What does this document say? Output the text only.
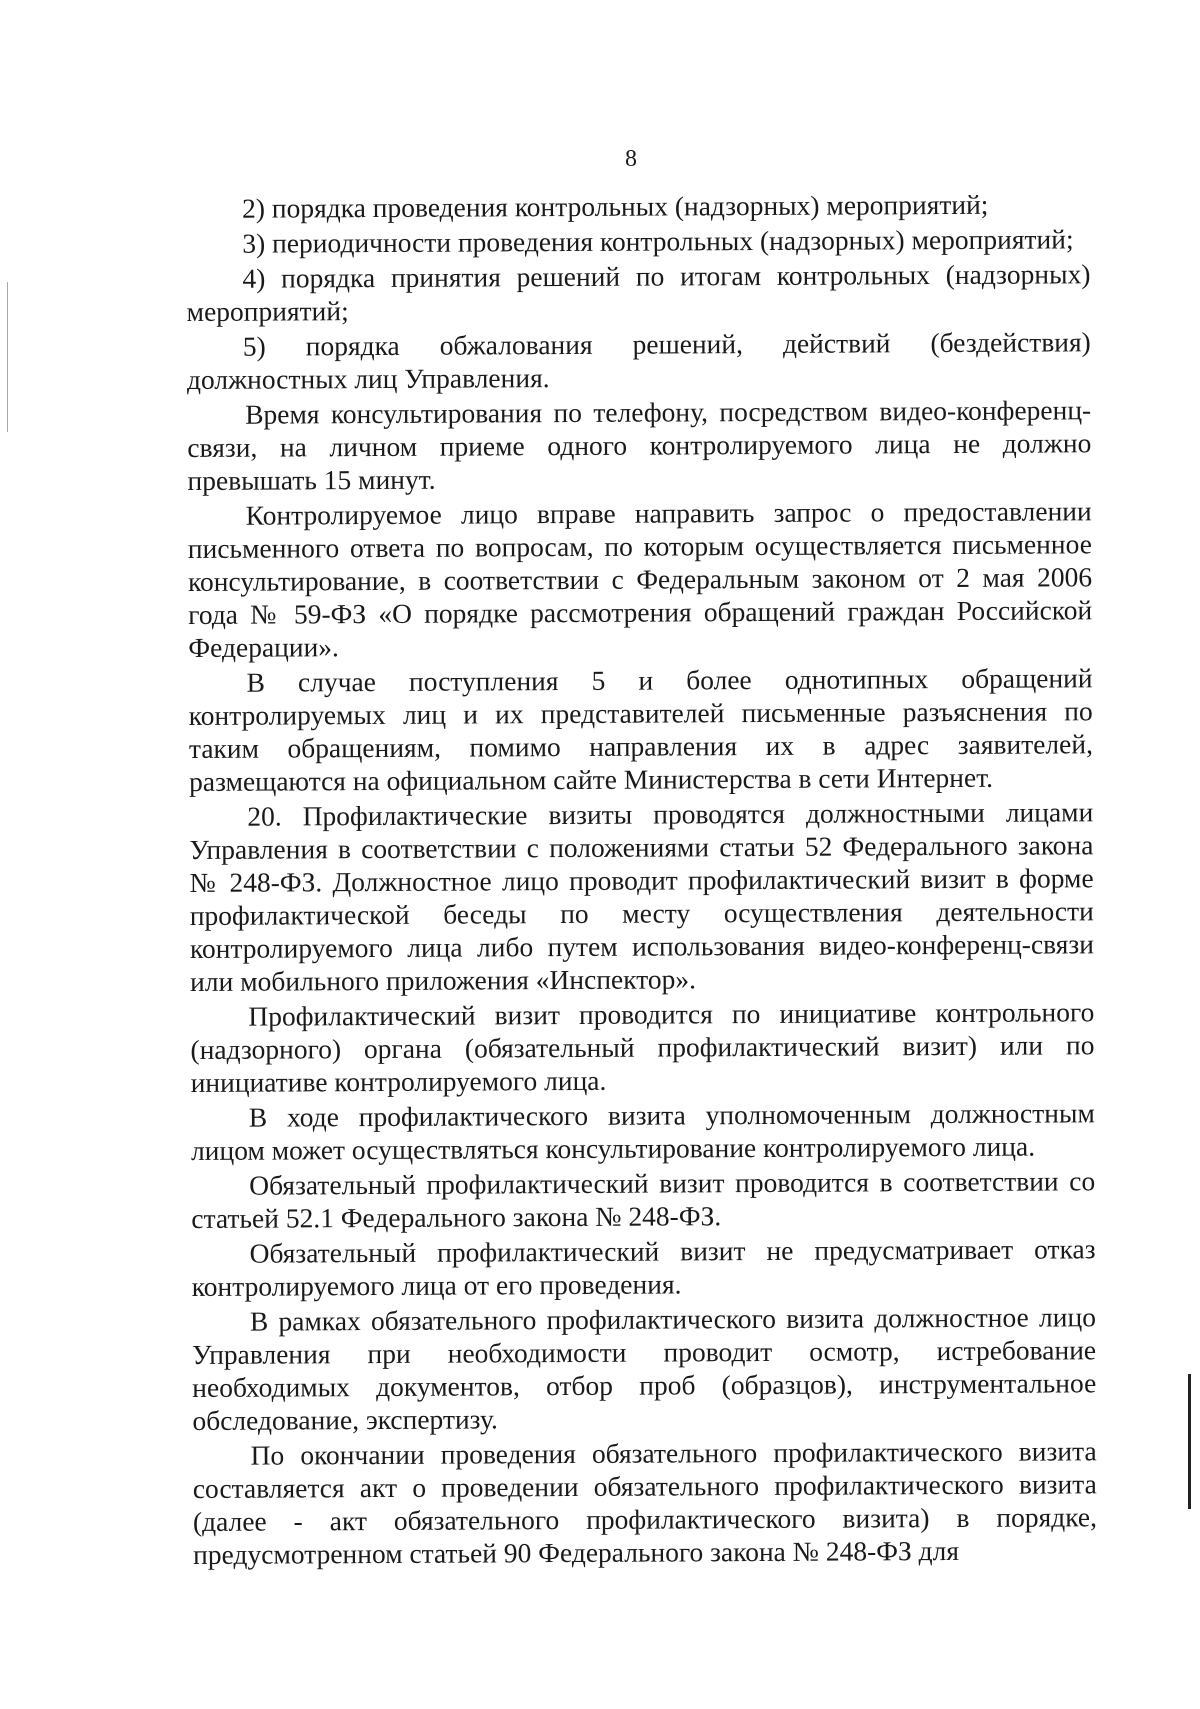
8

2) порядка проведения контрольных (надзорных) мероприятий;

3) периодичности проведения контрольных (надзорных) мероприятий;

4) порядка принятия решений по итогам контрольных (надзорных) мероприятий;

5) порядка обжалования решений, действий (бездействия) должностных лиц Управления.

Время консультирования по телефону, посредством видео-конференц- связи, на личном приеме одного контролируемого лица не должно превышать 15 минут.

Контролируемое лицо вправе направить запрос о предоставлении письменного ответа по вопросам, по которым осуществляется письменное консультирование, в соответствии с Федеральным законом от 2 мая 2006 года № 59-ФЗ «О порядке рассмотрения обращений граждан Российской Федерации».

В случае поступления 5 и более однотипных обращений контролируемых лиц и их представителей письменные разъяснения по таким обращениям, помимо направления их в адрес заявителей, размещаются на официальном сайте Министерства в сети Интернет.

20. Профилактические визиты проводятся должностными лицами Управления в соответствии с положениями статьи 52 Федерального закона № 248-ФЗ. Должностное лицо проводит профилактический визит в форме профилактической беседы по месту осуществления деятельности контролируемого лица либо путем использования видео-конференц-связи или мобильного приложения «Инспектор».

Профилактический визит проводится по инициативе контрольного (надзорного) органа (обязательный профилактический визит) или по инициативе контролируемого лица.

В ходе профилактического визита уполномоченным должностным лицом может осуществляться консультирование контролируемого лица.

Обязательный профилактический визит проводится в соответствии со статьей 52.1 Федерального закона № 248-ФЗ.

Обязательный профилактический визит не предусматривает отказ контролируемого лица от его проведения.

В рамках обязательного профилактического визита должностное лицо Управления при необходимости проводит осмотр, истребование необходимых документов, отбор проб (образцов), инструментальное обследование, экспертизу.

По окончании проведения обязательного профилактического визита составляется акт о проведении обязательного профилактического визита (далее - акт обязательного профилактического визита) в порядке, предусмотренном статьей 90 Федерального закона № 248-ФЗ для
